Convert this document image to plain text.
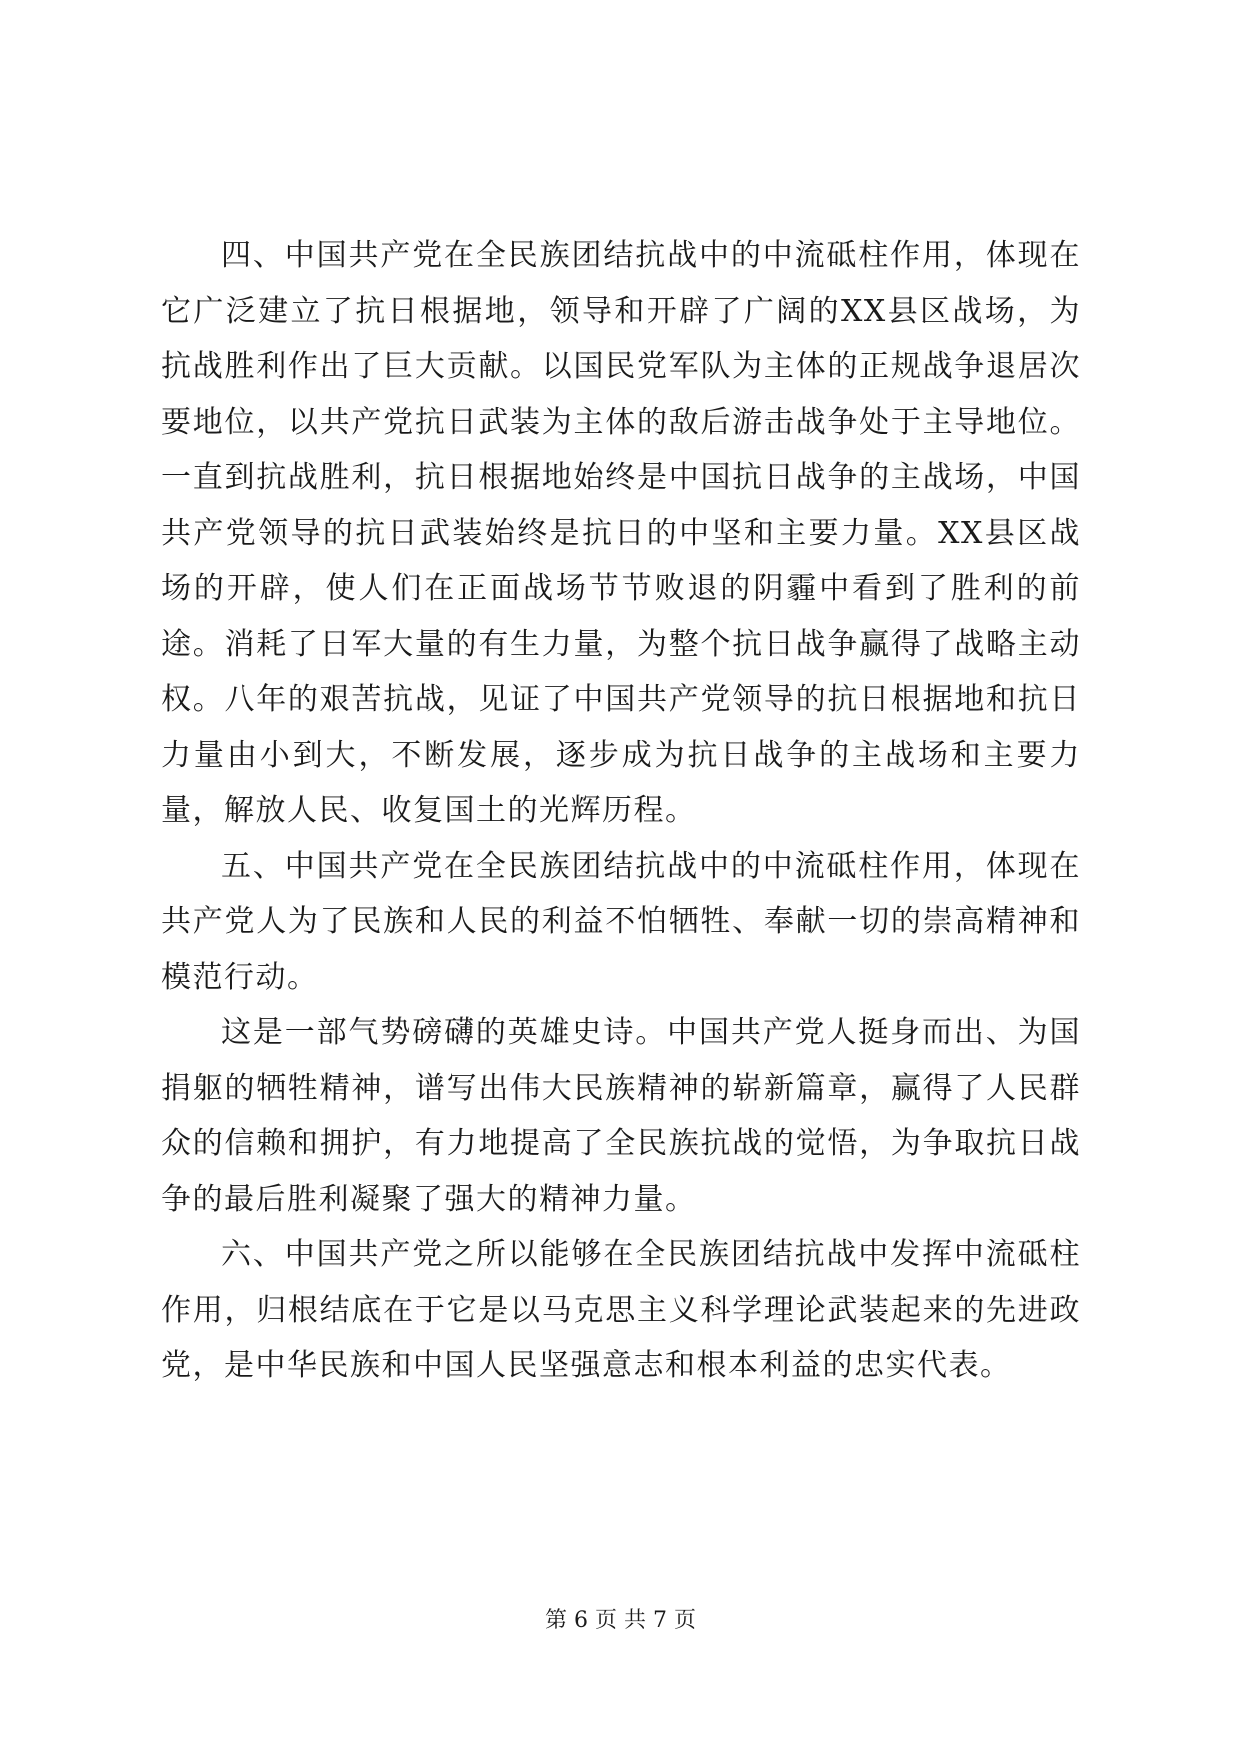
四、中国共产党在全民族团结抗战中的中流砥柱作用，体现在它广泛建立了抗日根据地，领导和开辟了广阔的XX县区战场，为抗战胜利作出了巨大贡献。以国民党军队为主体的正规战争退居次要地位，以共产党抗日武装为主体的敌后游击战争处于主导地位。一直到抗战胜利，抗日根据地始终是中国抗日战争的主战场，中国共产党领导的抗日武装始终是抗日的中坚和主要力量。XX县区战场的开辟，使人们在正面战场节节败退的阴霾中看到了胜利的前途。消耗了日军大量的有生力量，为整个抗日战争赢得了战略主动权。八年的艰苦抗战，见证了中国共产党领导的抗日根据地和抗日力量由小到大，不断发展，逐步成为抗日战争的主战场和主要力量，解放人民、收复国土的光辉历程。

五、中国共产党在全民族团结抗战中的中流砥柱作用，体现在共产党人为了民族和人民的利益不怕牺牲、奉献一切的崇高精神和模范行动。

这是一部气势磅礴的英雄史诗。中国共产党人挺身而出、为国捐躯的牺牲精神，谱写出伟大民族精神的崭新篇章，赢得了人民群众的信赖和拥护，有力地提高了全民族抗战的觉悟，为争取抗日战争的最后胜利凝聚了强大的精神力量。

六、中国共产党之所以能够在全民族团结抗战中发挥中流砥柱作用，归根结底在于它是以马克思主义科学理论武装起来的先进政党，是中华民族和中国人民坚强意志和根本利益的忠实代表。

第 6 页 共 7 页
